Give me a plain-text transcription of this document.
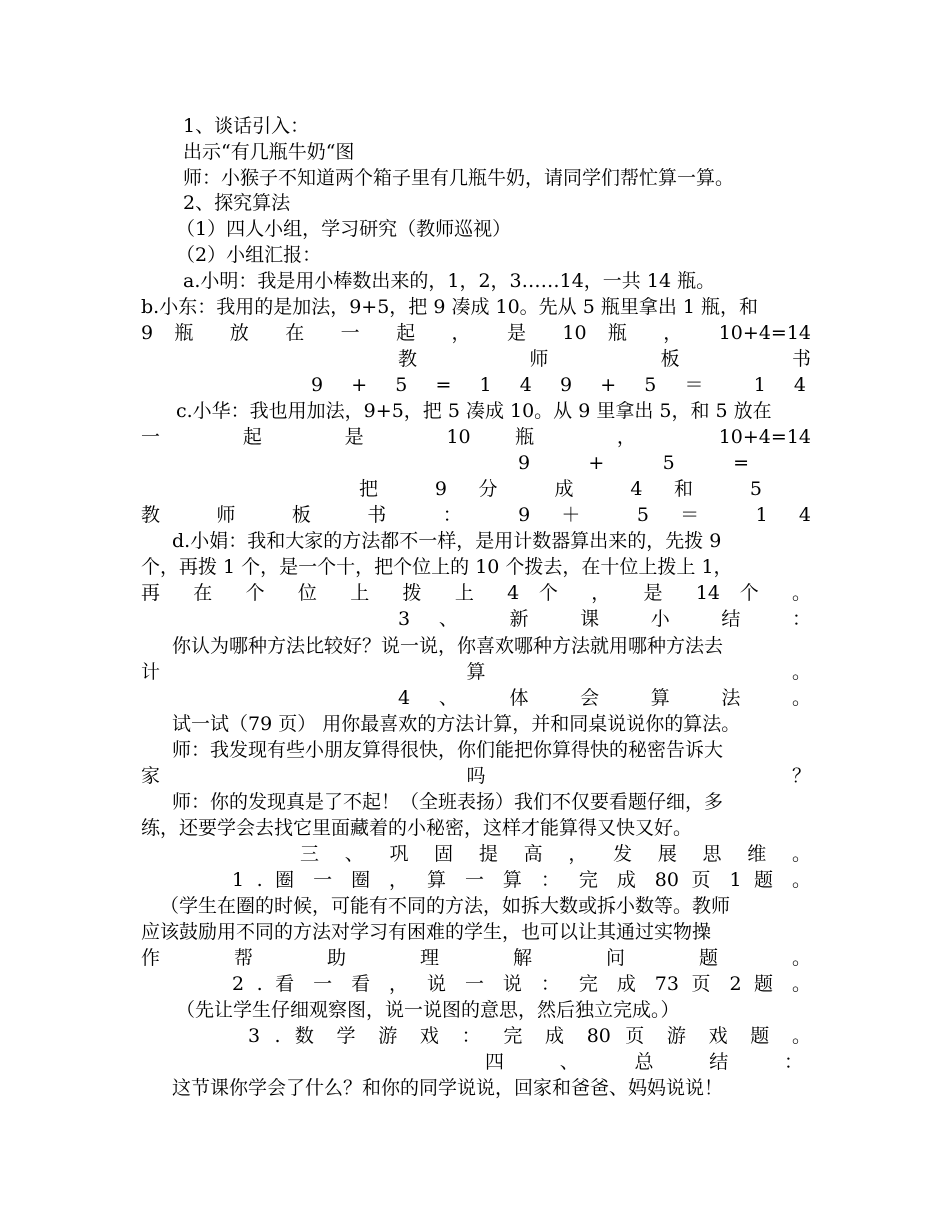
1、谈话引入：
出示“有几瓶牛奶“图
师：小猴子不知道两个箱子里有几瓶牛奶，请同学们帮忙算一算。
2、探究算法
（1）四人小组，学习研究（教师巡视）
（2）小组汇报：
a.小明：我是用小棒数出来的，1，2，3……14，一共 14 瓶。
b.小东：我用的是加法，9+5，把 9 凑成 10。先从 5 瓶里拿出 1 瓶，和
9 瓶 放 在 一 起 ， 是 10 瓶 ， 10+4=14
教 师 板 书
9 + 5 = 1 4 9 + 5 ＝ 1 4
c.小华：我也用加法，9+5，把 5 凑成 10。从 9 里拿出 5，和 5 放在
一 起 是 10 瓶 ， 10+4=14
9 + 5 =
把 9 分 成 4 和 5
教 师 板 书 ： 9 ＋ 5 ＝ 1 4
d.小娟：我和大家的方法都不一样，是用计数器算出来的，先拨 9
个，再拨 1 个，是一个十，把个位上的 10 个拨去，在十位上拨上 1，
再 在 个 位 上 拨 上 4 个 ， 是 14 个 。
3 、 新 课 小 结 ：
你认为哪种方法比较好？说一说，你喜欢哪种方法就用哪种方法去
计 算 。
4 、 体 会 算 法 。
试一试（79 页） 用你最喜欢的方法计算，并和同桌说说你的算法。
师：我发现有些小朋友算得很快，你们能把你算得快的秘密告诉大
家 吗 ？
师：你的发现真是了不起！（全班表扬）我们不仅要看题仔细，多
练，还要学会去找它里面藏着的小秘密，这样才能算得又快又好。
三 、 巩 固 提 高 ， 发 展 思 维 。
1 . 圈 一 圈 ， 算 一 算 ： 完 成 80 页 1 题 。
（学生在圈的时候，可能有不同的方法，如拆大数或拆小数等。教师
应该鼓励用不同的方法对学习有困难的学生，也可以让其通过实物操
作 帮 助 理 解 问 题 。
2 . 看 一 看 ， 说 一 说 ： 完 成 73 页 2 题 。
（先让学生仔细观察图，说一说图的意思，然后独立完成。）
3 . 数 学 游 戏 ： 完 成 80 页 游 戏 题 。
四 、 总 结 ：
这节课你学会了什么？和你的同学说说，回家和爸爸、妈妈说说！
